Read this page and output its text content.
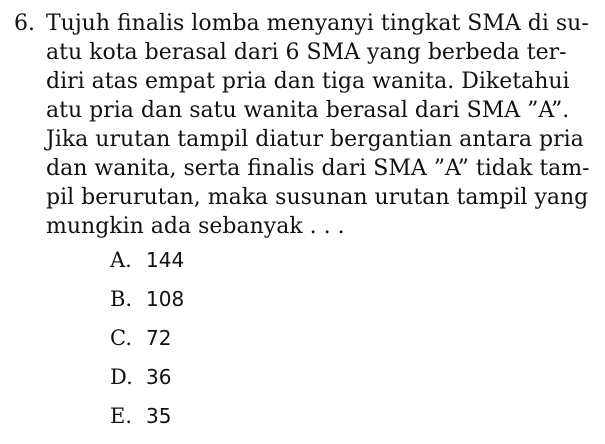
6. Tujuh finalis lomba menyanyi tingkat SMA di su-
atu kota berasal dari 6 SMA yang berbeda ter-
diri atas empat pria dan tiga wanita. Diketahui
atu pria dan satu wanita berasal dari SMA ”A”.
Jika urutan tampil diatur bergantian antara pria
dan wanita, serta finalis dari SMA ”A” tidak tam-
pil berurutan, maka susunan urutan tampil yang
mungkin ada sebanyak . . .
A. 144
B. 108
C. 72
D. 36
E. 35
